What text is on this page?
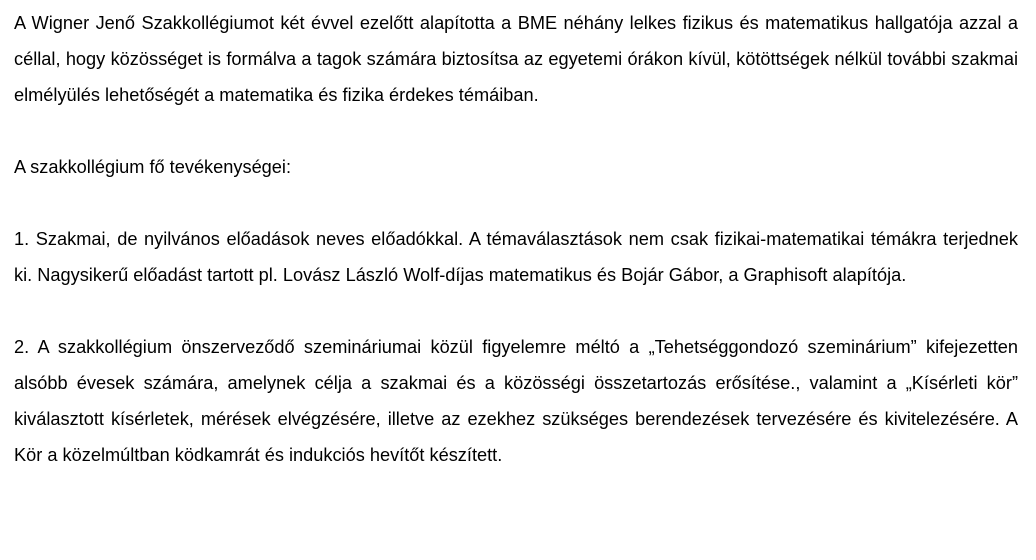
A Wigner Jenő Szakkollégiumot két évvel ezelőtt alapította a BME néhány lelkes fizikus és matematikus hallgatója azzal a céllal, hogy közösséget is formálva a tagok számára biztosítsa az egyetemi órákon kívül, kötöttségek nélkül további szakmai elmélyülés lehetőségét a matematika és fizika érdekes témáiban.

A szakkollégium fő tevékenységei:

1. Szakmai, de nyilvános előadások neves előadókkal. A témaválasztások nem csak fizikai-matematikai témákra terjednek ki. Nagysikerű előadást tartott pl. Lovász László Wolf-díjas matematikus és Bojár Gábor, a Graphisoft alapítója.

2. A szakkollégium önszerveződő szemináriumai közül figyelemre méltó a „Tehetséggondozó szeminárium” kifejezetten alsóbb évesek számára, amelynek célja a szakmai és a közösségi összetartozás erősítése., valamint a „Kísérleti kör” kiválasztott kísérletek, mérések elvégzésére, illetve az ezekhez szükséges berendezések tervezésére és kivitelezésére. A Kör a közelmúltban ködkamrát és indukciós hevítőt készített.
